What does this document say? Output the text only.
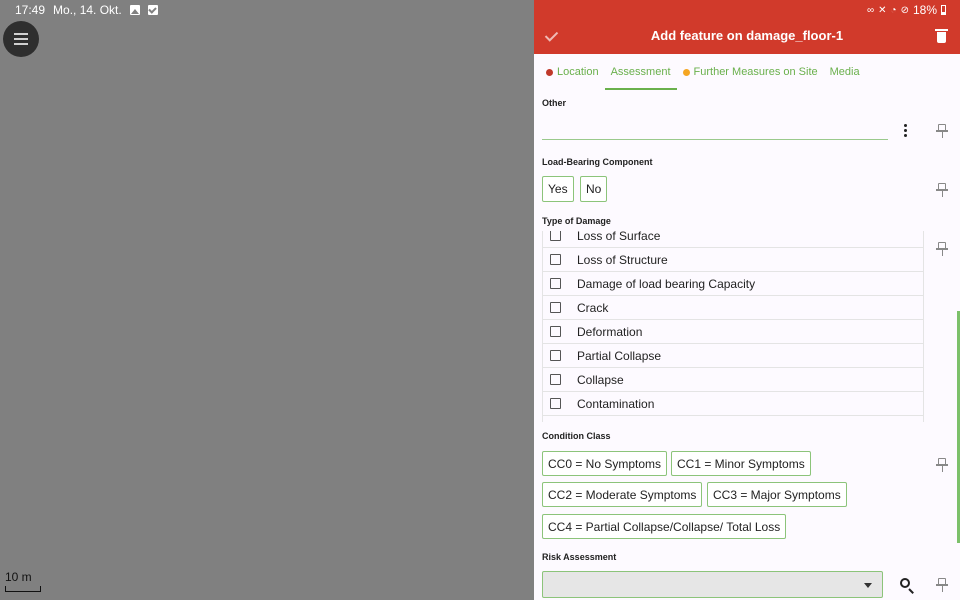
17:49 Mo., 14. Okt.
10 m
∞ ✕ ◔ ⊘ 18%
Add feature on damage_floor-1
Location Assessment Further Measures on Site Media
Other
Load-Bearing Component
Yes	No
Type of Damage
Loss of Surface
Loss of Structure
Damage of load bearing Capacity
Crack
Deformation
Partial Collapse
Collapse
Contamination
Condition Class
CC0 = No Symptoms	CC1 = Minor Symptoms
CC2 = Moderate Symptoms	CC3 = Major Symptoms
CC4 = Partial Collapse/Collapse/ Total Loss
Risk Assessment
